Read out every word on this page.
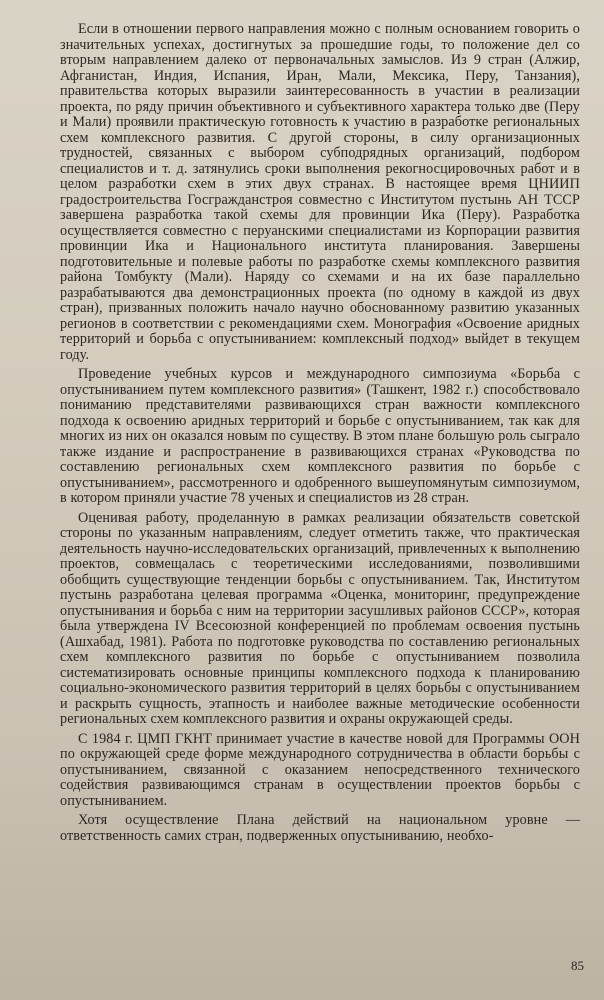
Если в отношении первого направления можно с полным основанием говорить о значительных успехах, достигнутых за прошедшие годы, то положение дел со вторым направлением далеко от первоначальных замыслов. Из 9 стран (Алжир, Афганистан, Индия, Испания, Иран, Мали, Мексика, Перу, Танзания), правительства которых выразили заинтересованность в участии в реализации проекта, по ряду причин объективного и субъективного характера только две (Перу и Мали) проявили практическую готовность к участию в разработке региональных схем комплексного развития. С другой стороны, в силу организационных трудностей, связанных с выбором субподрядных организаций, подбором специалистов и т. д. затянулись сроки выполнения рекогносцировочных работ и в целом разработки схем в этих двух странах. В настоящее время ЦНИИП градостроительства Госгражданстроя совместно с Институтом пустынь АН ТССР завершена разработка такой схемы для провинции Ика (Перу). Разработка осуществляется совместно с перуанскими специалистами из Корпорации развития провинции Ика и Национального института планирования. Завершены подготовительные и полевые работы по разработке схемы комплексного развития района Томбукту (Мали). Наряду со схемами и на их базе параллельно разрабатываются два демонстрационных проекта (по одному в каждой из двух стран), призванных положить начало научно обоснованному развитию указанных регионов в соответствии с рекомендациями схем. Монография «Освоение аридных территорий и борьба с опустыниванием: комплексный подход» выйдет в текущем году.

Проведение учебных курсов и международного симпозиума «Борьба с опустыниванием путем комплексного развития» (Ташкент, 1982 г.) способствовало пониманию представителями развивающихся стран важности комплексного подхода к освоению аридных территорий и борьбе с опустыниванием, так как для многих из них он оказался новым по существу. В этом плане большую роль сыграло также издание и распространение в развивающихся странах «Руководства по составлению региональных схем комплексного развития по борьбе с опустыниванием», рассмотренного и одобренного вышеупомянутым симпозиумом, в котором приняли участие 78 ученых и специалистов из 28 стран.

Оценивая работу, проделанную в рамках реализации обязательств советской стороны по указанным направлениям, следует отметить также, что практическая деятельность научно-исследовательских организаций, привлеченных к выполнению проектов, совмещалась с теоретическими исследованиями, позволившими обобщить существующие тенденции борьбы с опустыниванием. Так, Институтом пустынь разработана целевая программа «Оценка, мониторинг, предупреждение опустынивания и борьба с ним на территории засушливых районов СССР», которая была утверждена IV Всесоюзной конференцией по проблемам освоения пустынь (Ашхабад, 1981). Работа по подготовке руководства по составлению региональных схем комплексного развития по борьбе с опустыниванием позволила систематизировать основные принципы комплексного подхода к планированию социально-экономического развития территорий в целях борьбы с опустыниванием и раскрыть сущность, этапность и наиболее важные методические особенности региональных схем комплексного развития и охраны окружающей среды.

С 1984 г. ЦМП ГКНТ принимает участие в качестве новой для Программы ООН по окружающей среде форме международного сотрудничества в области борьбы с опустыниванием, связанной с оказанием непосредственного технического содействия развивающимся странам в осуществлении проектов борьбы с опустыниванием.

Хотя осуществление Плана действий на национальном уровне — ответственность самих стран, подверженных опустыниванию, необхо-

85
